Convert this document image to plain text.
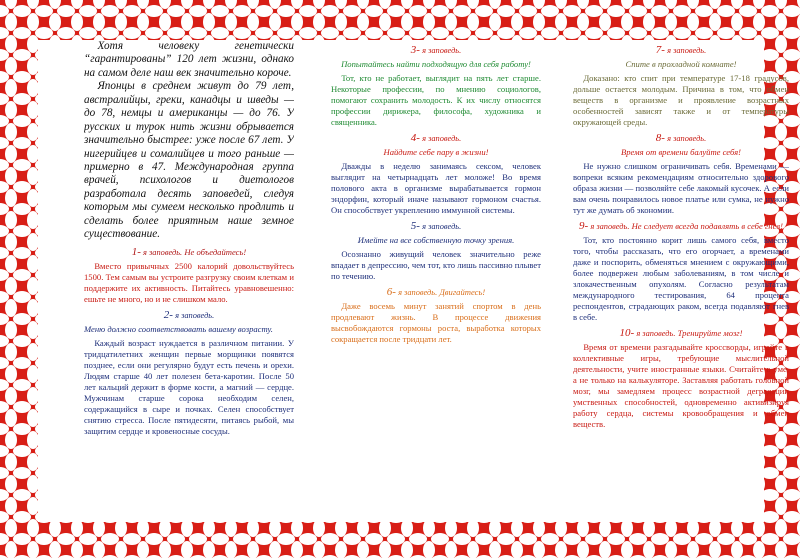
Хотя человеку генетически “гарантированы” 120 лет жизни, однако на самом деле наш век значительно короче.

Японцы в среднем живут до 79 лет, австралийцы, греки, канадцы и шведы — до 78, немцы и американцы — до 76. У русских и турок нить жизни обрывается значительно быстрее: уже после 67 лет. У нигерийцев и сомалийцев и того раньше — примерно в 47. Международная группа врачей, психологов и диетологов разработала десять заповедей, следуя которым мы сумеем несколько продлить и сделать более приятным наше земное существование.

1- я заповедь. Не объедайтесь!

Вместо привычных 2500 калорий довольствуйтесь 1500. Тем самым вы устроите разгрузку своим клеткам и поддержите их активность. Питайтесь уравновешенно: ешьте не много, но и не слишком мало.

2- я заповедь.

Меню должно соответствовать вашему возрасту.

Каждый возраст нуждается в различном питании. У тридцатилетних женщин первые морщинки появятся позднее, если они регулярно будут есть печень и орехи. Людям старше 40 лет полезен бета-каротин. После 50 лет кальций держит в форме кости, а магний — сердце. Мужчинам старше сорока необходим селен, содержащийся в сыре и почках. Селен способствует снятию стресса. После пятидесяти, питаясь рыбой, мы защитим сердце и кровеносные сосуды.

3- я заповедь.

Попытайтесь найти подходящую для себя работу!

Тот, кто не работает, выглядит на пять лет старше. Некоторые профессии, по мнению социологов, помогают сохранить молодость. К их числу относятся профессии дирижера, философа, художника и священника.

4- я заповедь.

Найдите себе пару в жизни!

Дважды в неделю занимаясь сексом, человек выглядит на четырнадцать лет моложе! Во время полового акта в организме вырабатывается гормон эндорфин, который иначе называют гормоном счастья. Он способствует укреплению иммунной системы.

5- я заповедь.

Имейте на все собственную точку зрения.

Осознанно живущий человек значительно реже впадает в депрессию, чем тот, кто лишь пассивно плывет по течению.

6- я заповедь. Двигайтесь!

Даже восемь минут занятий спортом в день продлевают жизнь. В процессе движения высвобождаются гормоны роста, выработка которых сокращается после тридцати лет.

7- я заповедь.

Спите в прохладной комнате!

Доказано: кто спит при температуре 17-18 градусов, дольше остается молодым. Причина в том, что обмен веществ в организме и проявление возрастных особенностей зависят также и от температуры окружающей среды.

8- я заповедь.

Время от времени балуйте себя!

Не нужно слишком ограничивать себя. Временами — вопреки всяким рекомендациям относительно здорового образа жизни — позволяйте себе лакомый кусочек. А если вам очень понравилось новое платье или сумка, не нужно тут же думать об экономии.

9- я заповедь. Не следует всегда подавлять в себе гнев!

Тот, кто постоянно корит лишь самого себя, вместо того, чтобы рассказать, что его огорчает, а временами даже и поспорить, обменяться мнением с окружающими, более подвержен любым заболеваниям, в том числе и злокачественным опухолям. Согласно результатам международного тестирования, 64 процента респондентов, страдающих раком, всегда подавляют гнев в себе.

10- я заповедь. Тренируйте мозг!

Время от времени разгадывайте кроссворды, играйте в коллективные игры, требующие мыслительной деятельности, учите иностранные языки. Считайте в уме, а не только на калькуляторе. Заставляя работать головной мозг, мы замедляем процесс возрастной деградации умственных способностей, одновременно активизируя работу сердца, системы кровообращения и обмен веществ.
